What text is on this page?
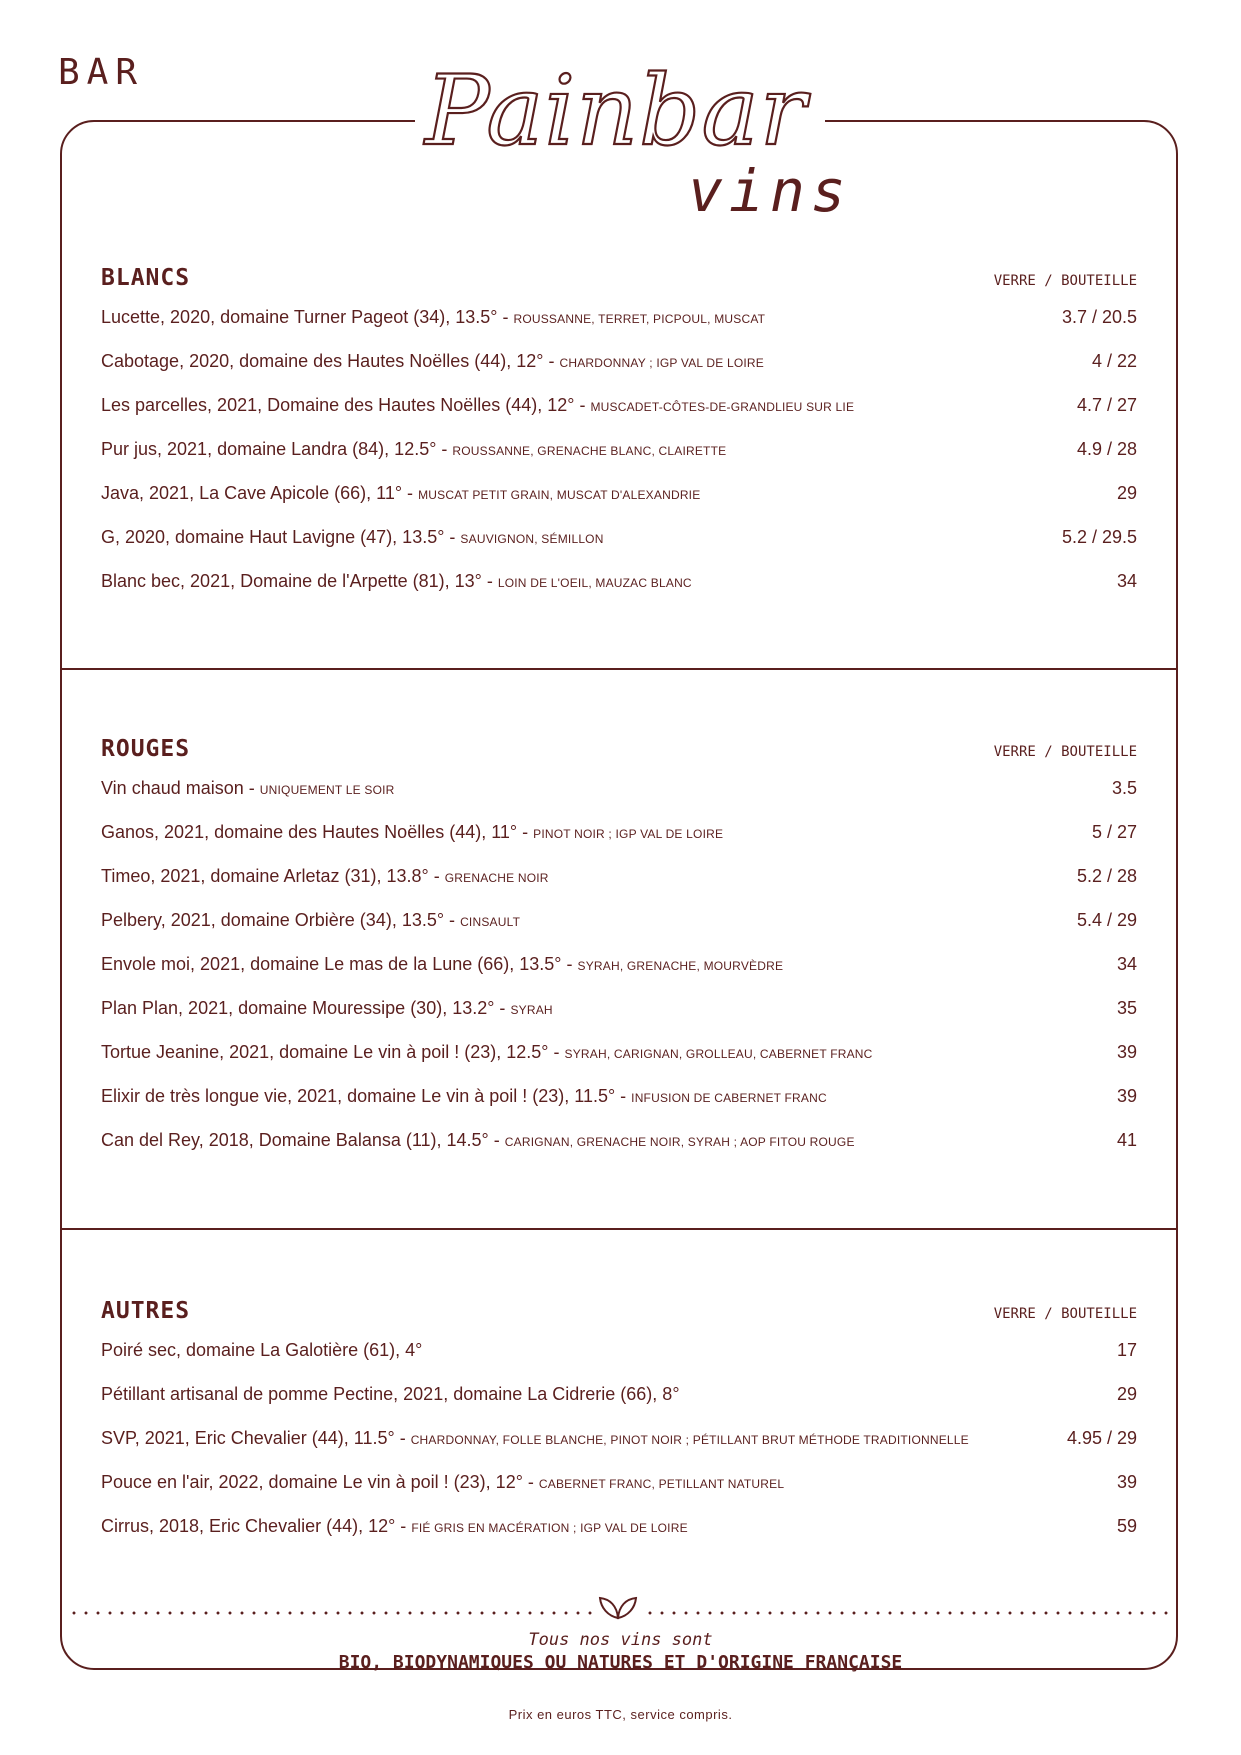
BAR	Painbar
vins
BLANCS	VERRE / BOUTEILLE
Lucette, 2020, domaine Turner Pageot (34), 13.5° - ROUSSANNE, TERRET, PICPOUL, MUSCAT	3.7 / 20.5
Cabotage, 2020, domaine des Hautes Noëlles (44), 12° - CHARDONNAY ; IGP VAL DE LOIRE	4 / 22
Les parcelles, 2021, Domaine des Hautes Noëlles (44), 12° - MUSCADET-CÔTES-DE-GRANDLIEU SUR LIE	4.7 / 27
Pur jus, 2021, domaine Landra (84), 12.5° - ROUSSANNE, GRENACHE BLANC, CLAIRETTE	4.9 / 28
Java, 2021, La Cave Apicole (66), 11° - MUSCAT PETIT GRAIN, MUSCAT D'ALEXANDRIE	29
G, 2020, domaine Haut Lavigne (47), 13.5° - SAUVIGNON, SÉMILLON	5.2 / 29.5
Blanc bec, 2021, Domaine de l'Arpette (81), 13° - LOIN DE L'OEIL, MAUZAC BLANC	34
ROUGES	VERRE / BOUTEILLE
Vin chaud maison - UNIQUEMENT LE SOIR	3.5
Ganos, 2021, domaine des Hautes Noëlles (44), 11° - PINOT NOIR ; IGP VAL DE LOIRE	5 / 27
Timeo, 2021, domaine Arletaz (31), 13.8° - GRENACHE NOIR	5.2 / 28
Pelbery, 2021, domaine Orbière (34), 13.5° - CINSAULT	5.4 / 29
Envole moi, 2021, domaine Le mas de la Lune (66), 13.5° - SYRAH, GRENACHE, MOURVÈDRE	34
Plan Plan, 2021, domaine Mouressipe (30), 13.2° - SYRAH	35
Tortue Jeanine, 2021, domaine Le vin à poil ! (23), 12.5° - SYRAH, CARIGNAN, GROLLEAU, CABERNET FRANC	39
Elixir de très longue vie, 2021, domaine Le vin à poil ! (23), 11.5° - INFUSION DE CABERNET FRANC	39
Can del Rey, 2018, Domaine Balansa (11), 14.5° - CARIGNAN, GRENACHE NOIR, SYRAH ; AOP FITOU ROUGE	41
AUTRES	VERRE / BOUTEILLE
Poiré sec, domaine La Galotière (61), 4°	17
Pétillant artisanal de pomme Pectine, 2021, domaine La Cidrerie (66), 8°	29
SVP, 2021, Eric Chevalier (44), 11.5° - CHARDONNAY, FOLLE BLANCHE, PINOT NOIR ; PÉTILLANT BRUT MÉTHODE TRADITIONNELLE	4.95 / 29
Pouce en l'air, 2022, domaine Le vin à poil ! (23), 12° - CABERNET FRANC, PETILLANT NATUREL	39
Cirrus, 2018, Eric Chevalier (44), 12° - FIÉ GRIS EN MACÉRATION ; IGP VAL DE LOIRE	59
Tous nos vins sont
BIO, BIODYNAMIQUES OU NATURES ET D'ORIGINE FRANÇAISE
Prix en euros TTC, service compris.
